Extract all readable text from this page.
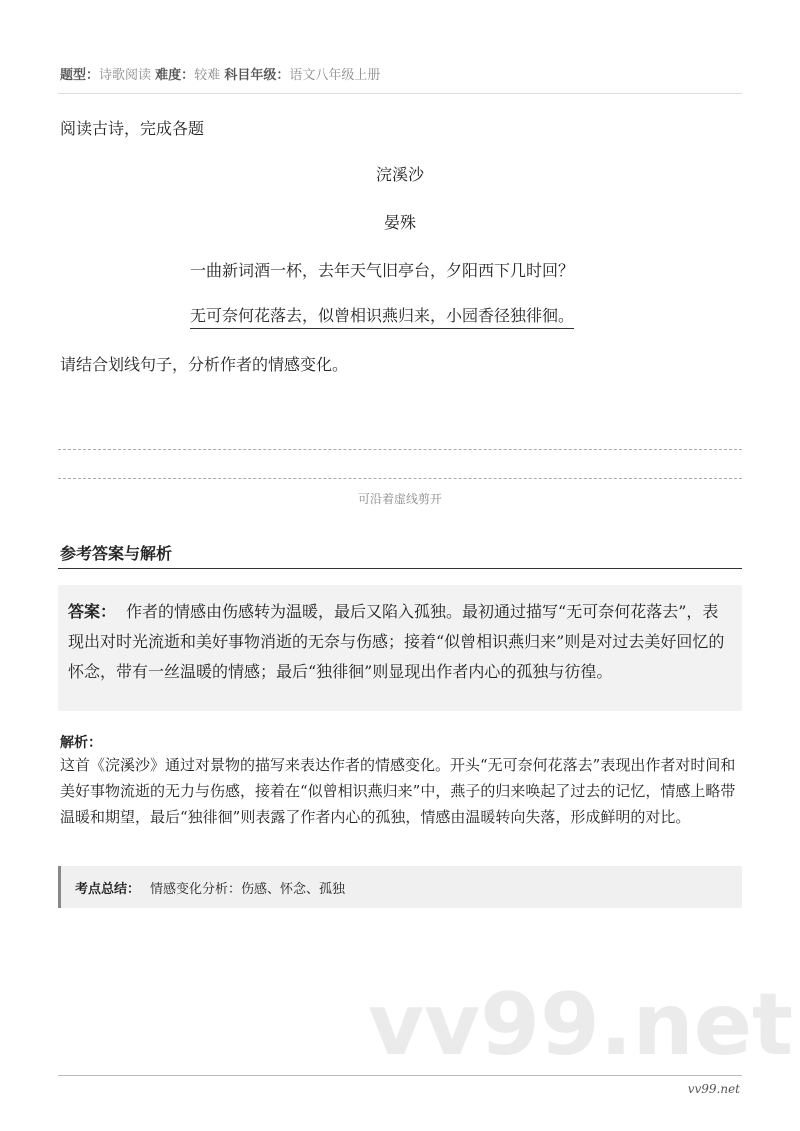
题型：诗歌阅读 难度：较难 科目年级：语文八年级上册
阅读古诗，完成各题
浣溪沙
晏殊
一曲新词酒一杯，去年天气旧亭台，夕阳西下几时回？
无可奈何花落去，似曾相识燕归来，小园香径独徘徊。
请结合划线句子，分析作者的情感变化。
可沿着虚线剪开
参考答案与解析
答案： 作者的情感由伤感转为温暖，最后又陷入孤独。最初通过描写“无可奈何花落去”，表现出对时光流逝和美好事物消逝的无奈与伤感；接着“似曾相识燕归来”则是对过去美好回忆的怀念，带有一丝温暖的情感；最后“独徘徊”则显现出作者内心的孤独与彷徨。
解析：
这首《浣溪沙》通过对景物的描写来表达作者的情感变化。开头“无可奈何花落去”表现出作者对时间和美好事物流逝的无力与伤感，接着在“似曾相识燕归来”中，燕子的归来唤起了过去的记忆，情感上略带温暖和期望，最后“独徘徊”则表露了作者内心的孤独，情感由温暖转向失落，形成鲜明的对比。
考点总结： 情感变化分析：伤感、怀念、孤独
vv99.net
vv99.net
